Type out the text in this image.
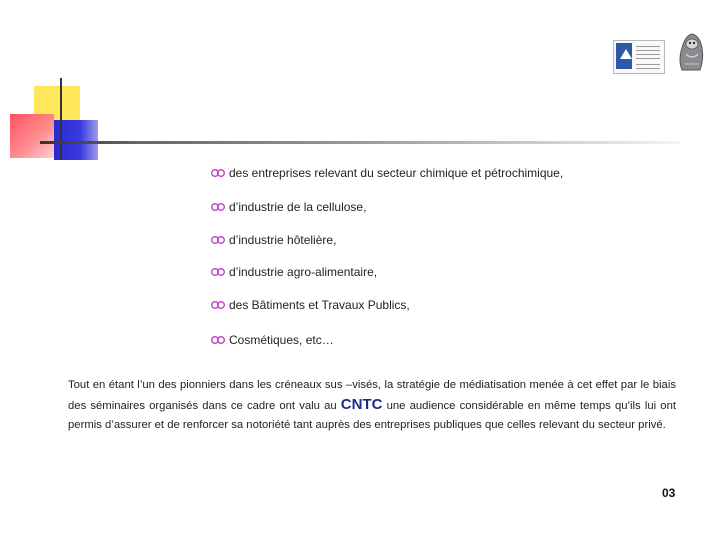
des entreprises relevant du secteur chimique et pétrochimique,
d’industrie de la cellulose,
d’industrie hôtelière,
d’industrie agro-alimentaire,
des Bâtiments et Travaux Publics,
Cosmétiques, etc…

Tout en étant l’un des pionniers dans les créneaux sus –visés, la stratégie de médiatisation menée à cet effet par le biais des séminaires organisés dans ce cadre ont valu au CNTC une audience considérable en même temps qu’ils lui ont permis d’assurer et de renforcer sa notoriété tant auprès des entreprises publiques que celles relevant du secteur privé.

03
